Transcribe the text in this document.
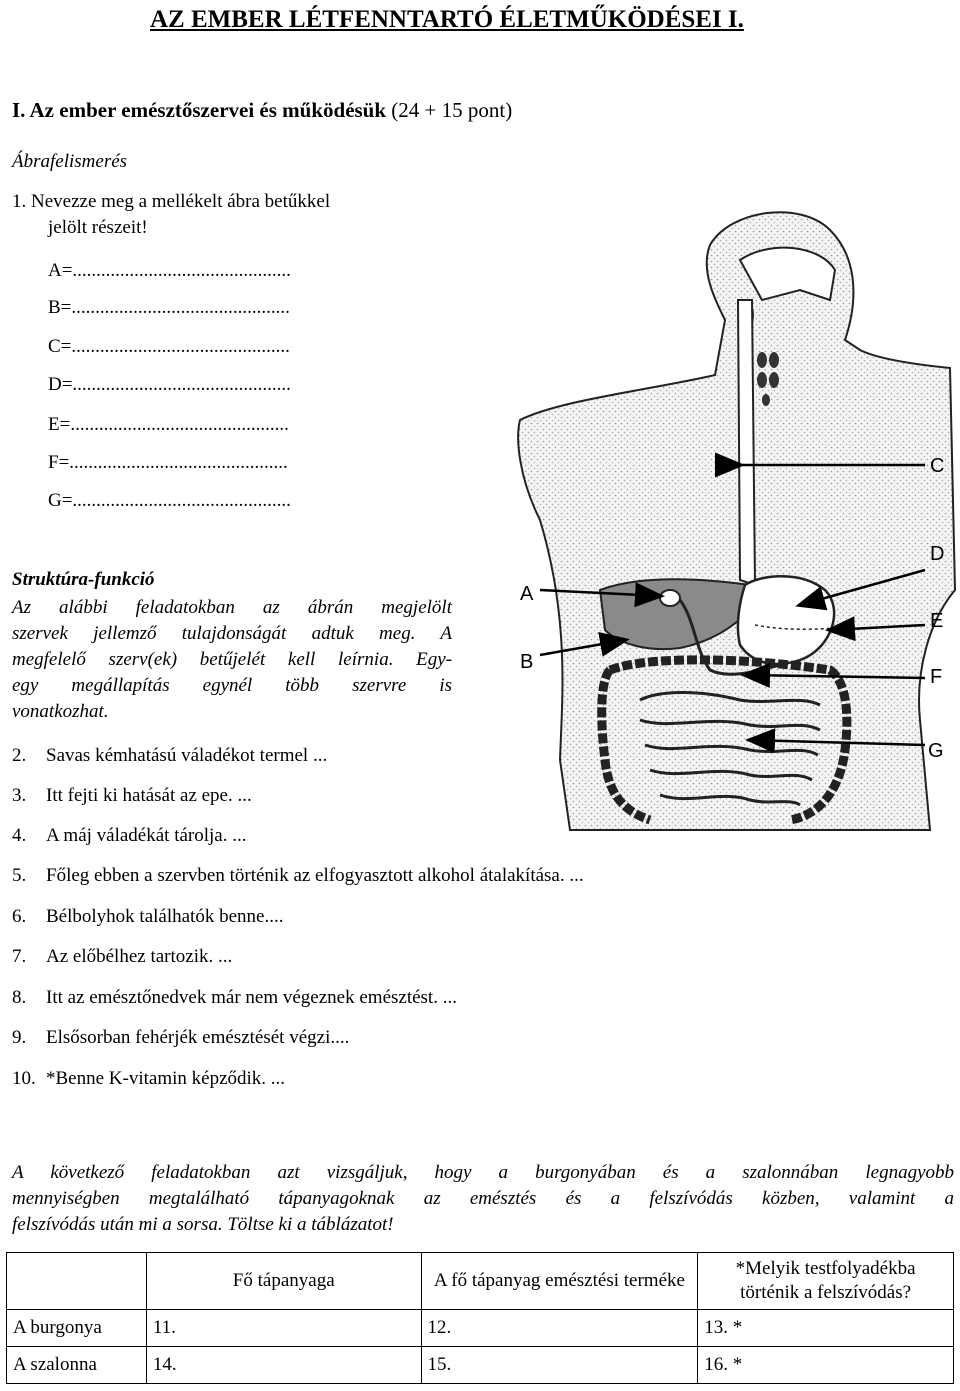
AZ EMBER LÉTFENNTARTÓ ÉLETMŰKÖDÉSEI I.
I. Az ember emésztőszervei és működésük (24 + 15 pont)
Ábrafelismerés
1. Nevezze meg a mellékelt ábra betűkkel
jelölt részeit!
A=..............................................
B=..............................................
C=..............................................
D=..............................................
E=..............................................
F=..............................................
G=..............................................
Struktúra-funkció
Az alábbi feladatokban az ábrán megjelölt
szervek jellemző tulajdonságát adtuk meg. A
megfelelő szerv(ek) betűjelét kell leírnia. Egy-
egy megállapítás egynél több szervre is
vonatkozhat.
2. Savas kémhatású váladékot termel ...
3. Itt fejti ki hatását az epe. ...
4. A máj váladékát tárolja. ...
5. Főleg ebben a szervben történik az elfogyasztott alkohol átalakítása. ...
6. Bélbolyhok találhatók benne....
7. Az előbélhez tartozik. ...
8. Itt az emésztőnedvek már nem végeznek emésztést. ...
9. Elsősorban fehérjék emésztését végzi....
10. *Benne K-vitamin képződik. ...
C
D
A
E
B
F
G
A következő feladatokban azt vizsgáljuk, hogy a burgonyában és a szalonnában legnagyobb
mennyiségben megtalálható tápanyagoknak az emésztés és a felszívódás közben, valamint a
felszívódás után mi a sorsa. Töltse ki a táblázatot!
	Fő tápanyaga	A fő tápanyag emésztési terméke	*Melyik testfolyadékba történik a felszívódás?
A burgonya	11.	12.	13. *
A szalonna	14.	15.	16. *
